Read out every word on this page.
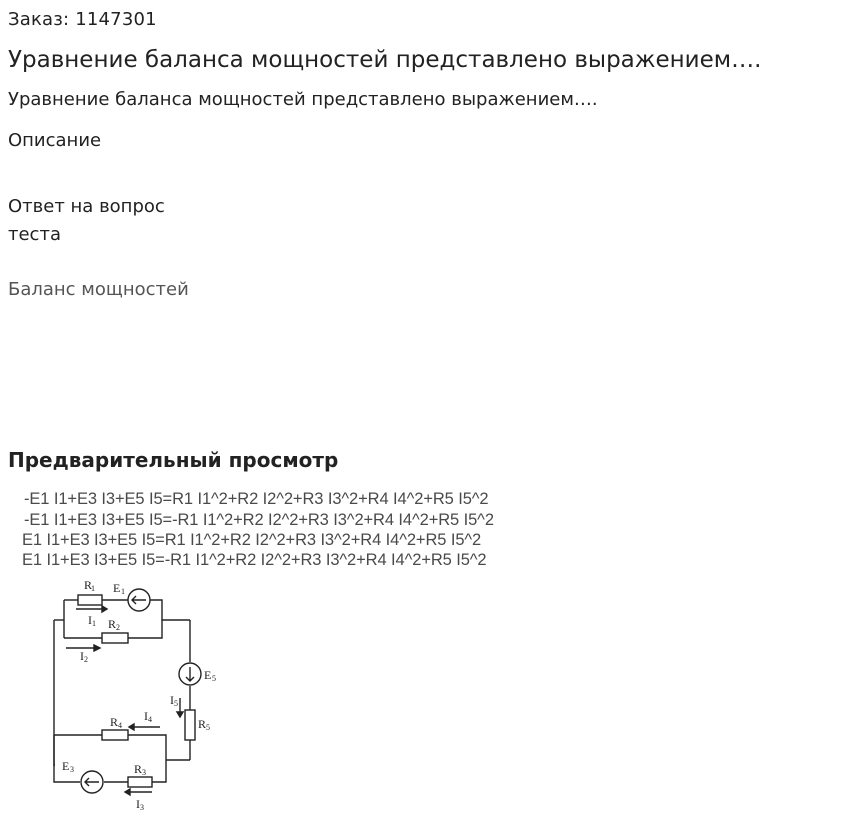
Заказ: 1147301
Уравнение баланса мощностей представлено выражением….
Уравнение баланса мощностей представлено выражением….
Описание
Ответ на вопрос теста
Баланс мощностей
Предварительный просмотр
-E1 I1+E3 I3+E5 I5=R1 I1^2+R2 I2^2+R3 I3^2+R4 I4^2+R5 I5^2
-E1 I1+E3 I3+E5 I5=-R1 I1^2+R2 I2^2+R3 I3^2+R4 I4^2+R5 I5^2
E1 I1+E3 I3+E5 I5=R1 I1^2+R2 I2^2+R3 I3^2+R4 I4^2+R5 I5^2
E1 I1+E3 I3+E5 I5=-R1 I1^2+R2 I2^2+R3 I3^2+R4 I4^2+R5 I5^2
R
1 E 1
I 1 R 2
I 2
E 5
I 5
R 5
R 4
I 4
E 3	R 3
I 3
